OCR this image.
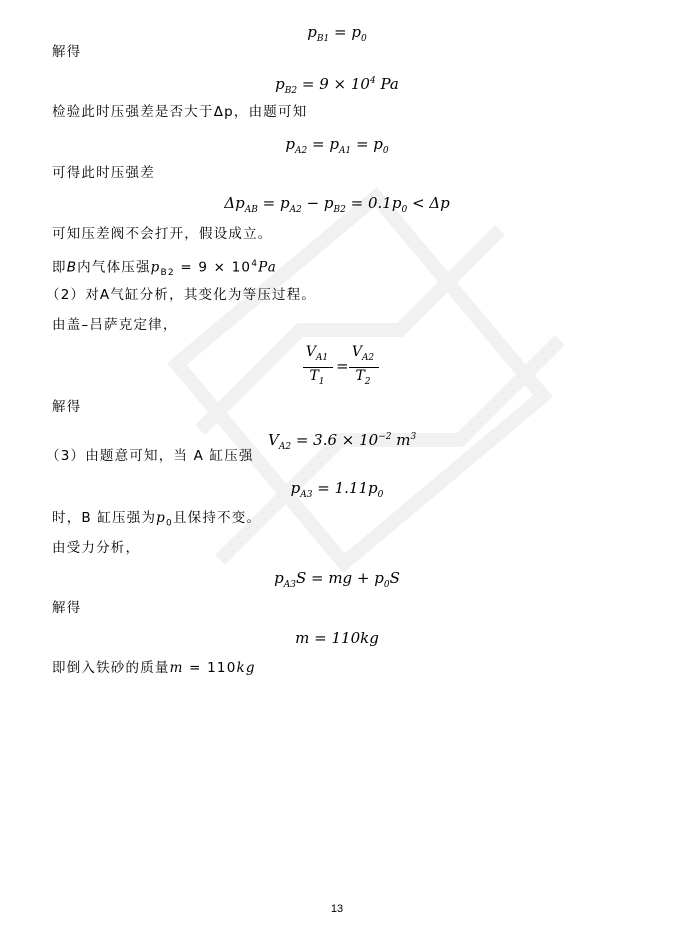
$p_{B1} = p_0$
解得
$p_{B2} = 9 \times 10^4$ Pa
检验此时压强差是否大于Δp，由题可知
$p_{A2} = p_{A1} = p_0$
可得此时压强差
$\Delta p_{AB} = p_{A2} - p_{B2} = 0.1p_0 < \Delta p$
可知压差阀不会打开，假设成立。
即B内气体压强$p_{B2} = 9 \times 10^4Pa$
（2）对A气缸分析，其变化为等压过程。
由盖–吕萨克定律，
$V_{A1}$
$T_1$
=
$V_{A2}$
$T_2$
解得
$V_{A2} = 3.6 \times 10^{-2}$ $m^3$
（3）由题意可知，当 A 缸压强
$p_{A3} = 1.11p_0$
时，B 缸压强为$p_0$且保持不变。
由受力分析，
$p_{A3}S$ = mg + $p_0S$
解得
m = 110kg
即倒入铁砂的质量m = 110kg
13
